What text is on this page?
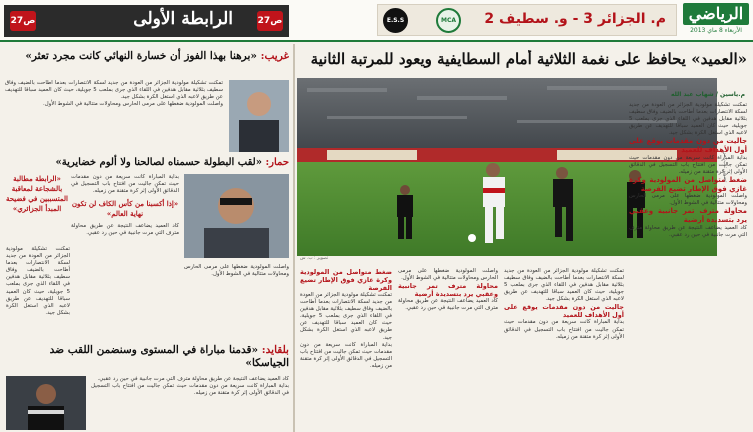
الرياضي
الأربعاء 8 ماي 2013
م. الجزائر 3 - و. سطيف 2
MCA
E.S.S
الرابطة الأولى	ص27
ص27
«العميد» يحافظ على نغمة الثلاثية أمام السطايفية ويعود للمرتبة الثانية
تصوير : ب. س
تصوير : ب. س
م.ياسين / شهاب عبد الله

تمكنت تشكيلة مولودية الجزائر من العودة من جديد لسكة الانتصارات بعدما أطاحت بالضيف وفاق سطيف بثلاثية مقابل هدفين في اللقاء الذي جرى بملعب 5 جويلية، حيث كان العميد سباقا للتهديف عن طريق لاعبه الذي استغل الكرة بشكل جيد.

جاليت من دون مقدمات يوقع على أول الأهداف للعميد

بداية المباراة كانت سريعة من دون مقدمات حيث تمكن جاليت من افتتاح باب التسجيل في الدقائق الأولى إثر كرة متقنة من زميله.

ضغط متواصل من المولودية وكرة غازي فوق الإطار تضيع الفرصة

واصلت المولودية ضغطها على مرمى الحارس ومحاولات متتالية في الشوط الأول.

محاولة مترف تمر جانبية وعقبي يرد بتسديدة أرضية

كاد العميد يضاعف النتيجة عن طريق محاولة مترف التي مرت جانبية في حين رد عقبي.

ضغط متواصل من المولودية وكرة غازي فوق الإطار تضيع الفرصة

تمكنت تشكيلة مولودية الجزائر من العودة من جديد لسكة الانتصارات بعدما أطاحت بالضيف وفاق سطيف بثلاثية مقابل هدفين في اللقاء الذي جرى بملعب 5 جويلية، حيث كان العميد سباقا للتهديف عن طريق لاعبه الذي استغل الكرة بشكل جيد.

بداية المباراة كانت سريعة من دون مقدمات حيث تمكن جاليت من افتتاح باب التسجيل في الدقائق الأولى إثر كرة متقنة من زميله.

واصلت المولودية ضغطها على مرمى الحارس ومحاولات متتالية في الشوط الأول.

محاولة مترف تمر جانبية وعقبي يرد بتسديدة أرضية

كاد العميد يضاعف النتيجة عن طريق محاولة مترف التي مرت جانبية في حين رد عقبي.

تمكنت تشكيلة مولودية الجزائر من العودة من جديد لسكة الانتصارات بعدما أطاحت بالضيف وفاق سطيف بثلاثية مقابل هدفين في اللقاء الذي جرى بملعب 5 جويلية، حيث كان العميد سباقا للتهديف عن طريق لاعبه الذي استغل الكرة بشكل جيد.

جاليت من دون مقدمات يوقع على أول الأهداف للعميد

بداية المباراة كانت سريعة من دون مقدمات حيث تمكن جاليت من افتتاح باب التسجيل في الدقائق الأولى إثر كرة متقنة من زميله.

غريب: «برهنا بهذا الفوز أن خسارة النهائي كانت مجرد تعثر»

تمكنت تشكيلة مولودية الجزائر من العودة من جديد لسكة الانتصارات بعدما أطاحت بالضيف وفاق سطيف بثلاثية مقابل هدفين في اللقاء الذي جرى بملعب 5 جويلية، حيث كان العميد سباقا للتهديف عن طريق لاعبه الذي استغل الكرة بشكل جيد.

واصلت المولودية ضغطها على مرمى الحارس ومحاولات متتالية في الشوط الأول.

حمار: «لقب البطولة حسمناه لصالحنا ولا ألوم خضايرية»
«الرابطة مطالبة بالشجاعة لمعاقبة المتسببين في فضيحة المبدأ الجزائري»

بداية المباراة كانت سريعة من دون مقدمات حيث تمكن جاليت من افتتاح باب التسجيل في الدقائق الأولى إثر كرة متقنة من زميله.

«إذا أكسبنا من كأس الكاف لن تكون نهاية العالم»

كاد العميد يضاعف النتيجة عن طريق محاولة مترف التي مرت جانبية في حين رد عقبي.

تمكنت تشكيلة مولودية الجزائر من العودة من جديد لسكة الانتصارات بعدما أطاحت بالضيف وفاق سطيف بثلاثية مقابل هدفين في اللقاء الذي جرى بملعب 5 جويلية، حيث كان العميد سباقا للتهديف عن طريق لاعبه الذي استغل الكرة بشكل جيد.

واصلت المولودية ضغطها على مرمى الحارس ومحاولات متتالية في الشوط الأول.

بلقايد: «قدمنا مباراة في المستوى وسنضمن اللقب ضد الجياسكا»

كاد العميد يضاعف النتيجة عن طريق محاولة مترف التي مرت جانبية في حين رد عقبي.

بداية المباراة كانت سريعة من دون مقدمات حيث تمكن جاليت من افتتاح باب التسجيل في الدقائق الأولى إثر كرة متقنة من زميله.
